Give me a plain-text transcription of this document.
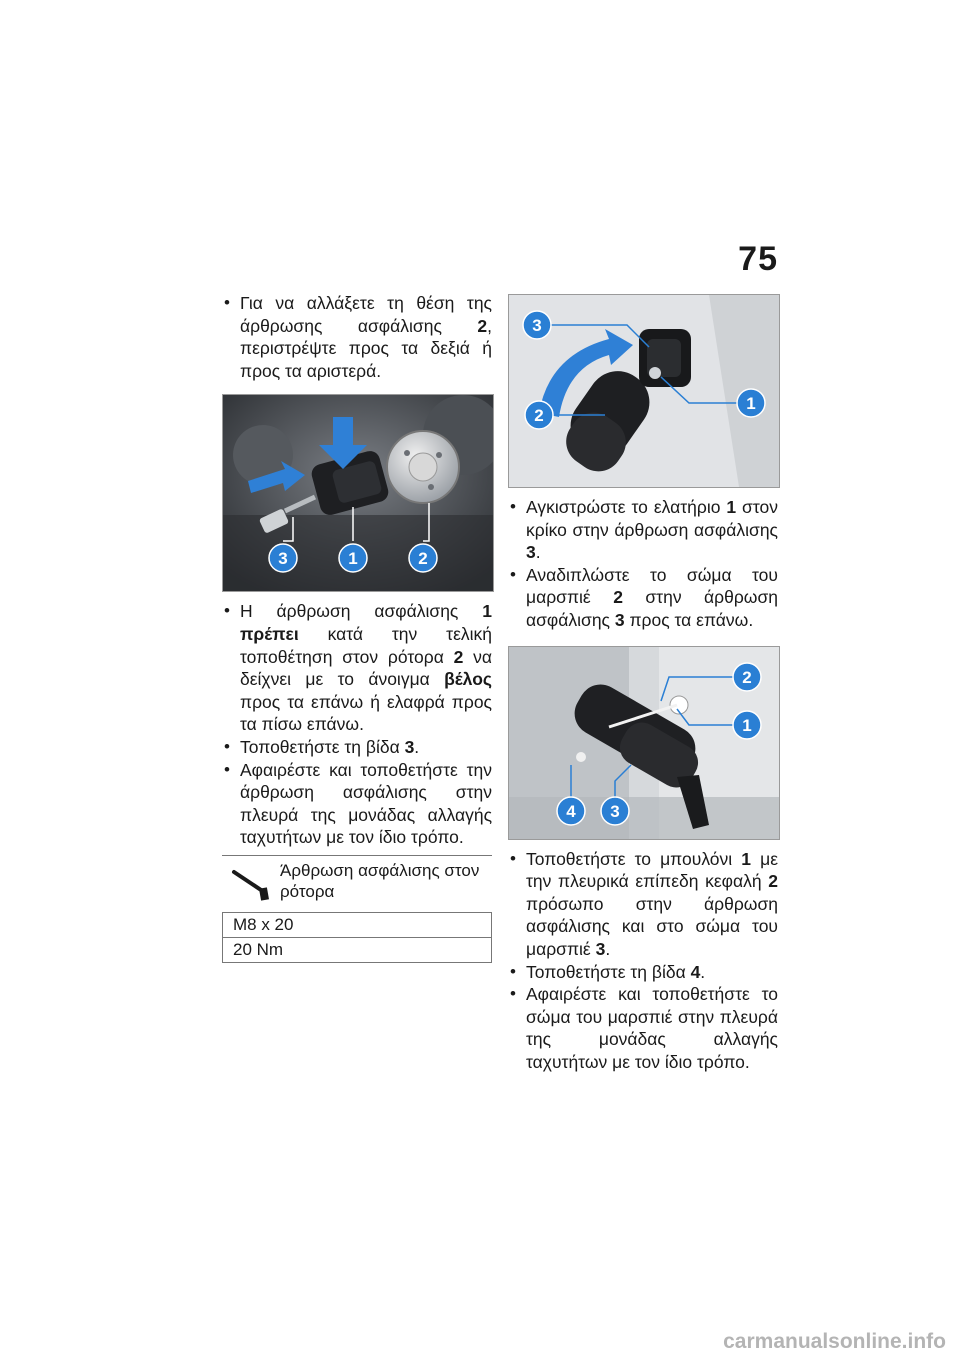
75
• Για να αλλάξετε τη θέση της άρθρωσης ασφάλισης 2, περιστρέψτε προς τα δεξιά ή προς τα αριστερά.
3	1	2
• Η άρθρωση ασφάλισης 1 πρέπει κατά την τελική τοποθέτηση στον ρότορα 2 να δείχνει με το άνοιγμα βέλος προς τα επάνω ή ελαφρά προς τα πίσω επάνω.
• Τοποθετήστε τη βίδα 3.
• Αφαιρέστε και τοποθετήστε την άρθρωση ασφάλισης στην πλευρά της μονάδας αλλαγής ταχυτήτων με τον ίδιο τρόπο.
Άρθρωση ασφάλισης στον ρότορα
M8 x 20
20 Nm
3
2
1
• Αγκιστρώστε το ελατήριο 1 στον κρίκο στην άρθρωση ασφάλισης 3.
• Αναδιπλώστε το σώμα του μαρσπιέ 2 στην άρθρωση ασφάλισης 3 προς τα επάνω.
2
1
4 3
• Τοποθετήστε το μπουλόνι 1 με την πλευρικά επίπεδη κεφαλή 2 πρόσωπο στην άρθρωση ασφάλισης και στο σώμα του μαρσπιέ 3.
• Τοποθετήστε τη βίδα 4.
• Αφαιρέστε και τοποθετήστε το σώμα του μαρσπιέ στην πλευρά της μονάδας αλλαγής ταχυτήτων με τον ίδιο τρόπο.
carmanualsonline.info
